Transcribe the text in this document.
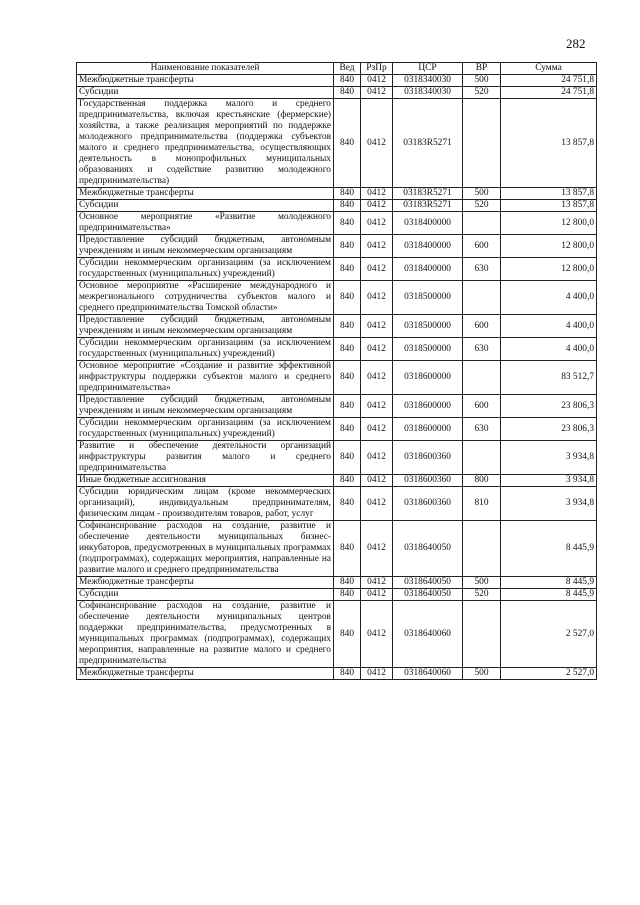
282
Наименование показателей	Вед	РзПр	ЦСР	ВР	Сумма
Межбюджетные трансферты	840	0412	0318340030	500	24 751,8
Субсидии	840	0412	0318340030	520	24 751,8
Государственная поддержка малого и среднего предпринимательства, включая крестьянские (фермерские) хозяйства, а также реализация мероприятий по поддержке молодежного предпринимательства (поддержка субъектов малого и среднего предпринимательства, осуществляющих деятельность в монопрофильных муниципальных образованиях и содействие развитию молодежного предпринимательства)	840	0412	03183R5271		13 857,8
Межбюджетные трансферты	840	0412	03183R5271	500	13 857,8
Субсидии	840	0412	03183R5271	520	13 857,8
Основное мероприятие «Развитие молодежного предпринимательства»	840	0412	0318400000		12 800,0
Предоставление субсидий бюджетным, автономным учреждениям и иным некоммерческим организациям	840	0412	0318400000	600	12 800,0
Субсидии некоммерческим организациям (за исключением государственных (муниципальных) учреждений)	840	0412	0318400000	630	12 800,0
Основное мероприятие «Расширение международного и межрегионального сотрудничества субъектов малого и среднего предпринимательства Томской области»	840	0412	0318500000		4 400,0
Предоставление субсидий бюджетным, автономным учреждениям и иным некоммерческим организациям	840	0412	0318500000	600	4 400,0
Субсидии некоммерческим организациям (за исключением государственных (муниципальных) учреждений)	840	0412	0318500000	630	4 400,0
Основное мероприятие «Создание и развитие эффективной инфраструктуры поддержки субъектов малого и среднего предпринимательства»	840	0412	0318600000		83 512,7
Предоставление субсидий бюджетным, автономным учреждениям и иным некоммерческим организациям	840	0412	0318600000	600	23 806,3
Субсидии некоммерческим организациям (за исключением государственных (муниципальных) учреждений)	840	0412	0318600000	630	23 806,3
Развитие и обеспечение деятельности организаций инфраструктуры развития малого и среднего предпринимательства	840	0412	0318600360		3 934,8
Иные бюджетные ассигнования	840	0412	0318600360	800	3 934,8
Субсидии юридическим лицам (кроме некоммерческих организаций), индивидуальным предпринимателям, физическим лицам - производителям товаров, работ, услуг	840	0412	0318600360	810	3 934,8
Софинансирование расходов на создание, развитие и обеспечение деятельности муниципальных бизнес-инкубаторов, предусмотренных в муниципальных программах (подпрограммах), содержащих мероприятия, направленные на развитие малого и среднего предпринимательства	840	0412	0318640050		8 445,9
Межбюджетные трансферты	840	0412	0318640050	500	8 445,9
Субсидии	840	0412	0318640050	520	8 445,9
Софинансирование расходов на создание, развитие и обеспечение деятельности муниципальных центров поддержки предпринимательства, предусмотренных в муниципальных программах (подпрограммах), содержащих мероприятия, направленные на развитие малого и среднего предпринимательства	840	0412	0318640060		2 527,0
Межбюджетные трансферты	840	0412	0318640060	500	2 527,0
